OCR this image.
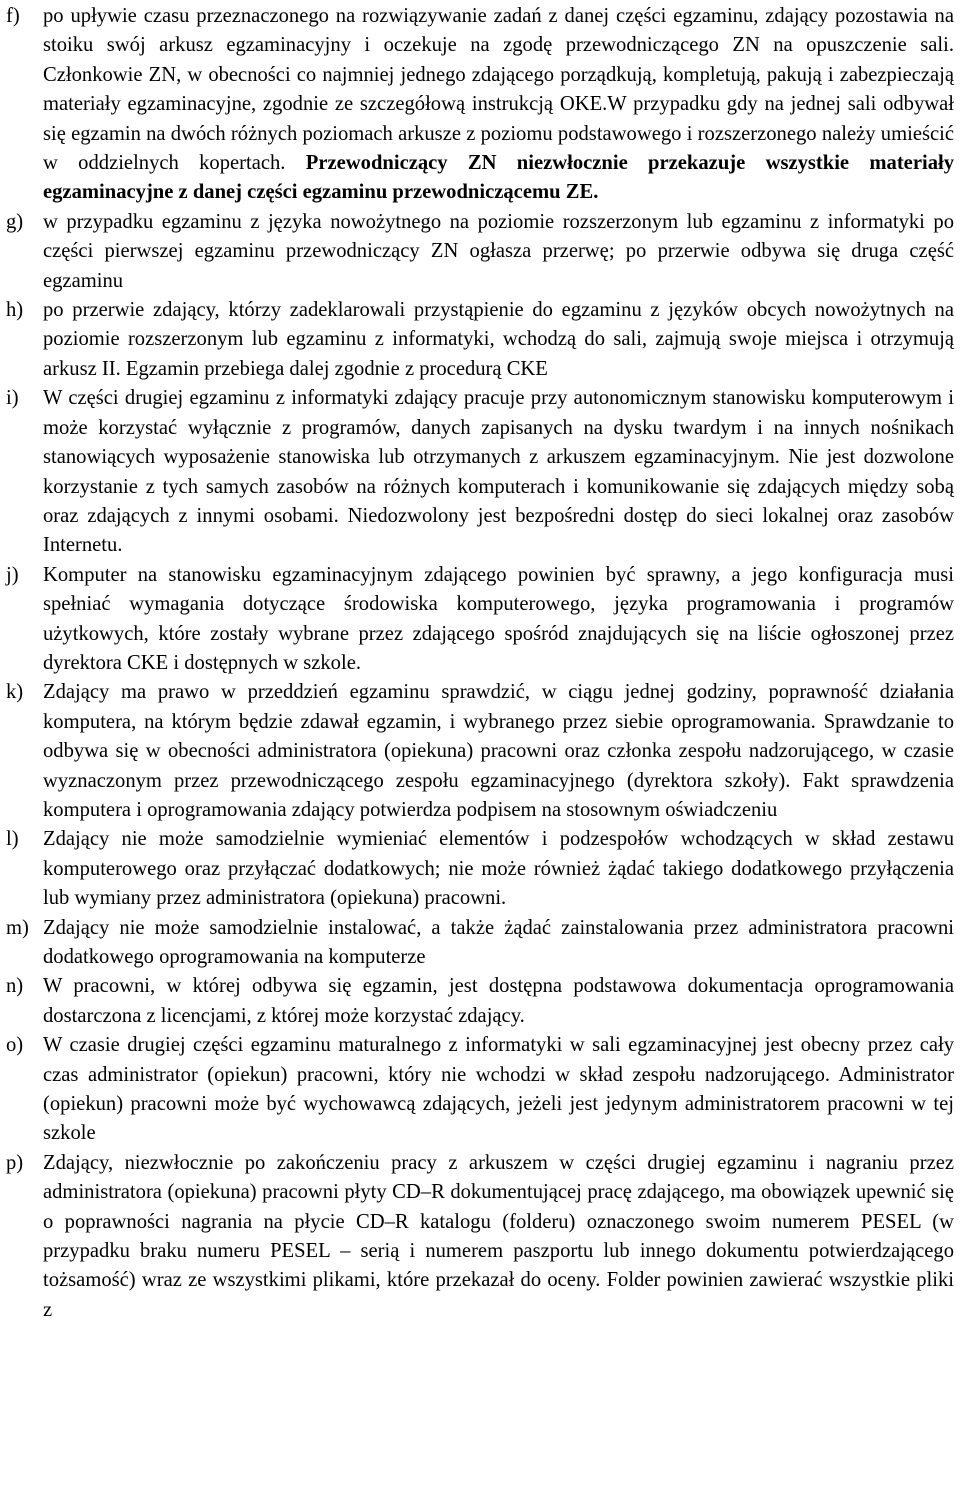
f)	po upływie czasu przeznaczonego na rozwiązywanie zadań z danej części egzaminu, zdający pozostawia na stoiku swój arkusz egzaminacyjny i oczekuje na zgodę przewodniczącego ZN na opuszczenie sali. Członkowie ZN, w obecności co najmniej jednego zdającego porządkują, kompletują, pakują i zabezpieczają materiały egzaminacyjne, zgodnie ze szczegółową instrukcją OKE.W przypadku gdy na jednej sali odbywał się egzamin na dwóch różnych poziomach arkusze z poziomu podstawowego i rozszerzonego należy umieścić w oddzielnych kopertach. Przewodniczący ZN niezwłocznie przekazuje wszystkie materiały egzaminacyjne z danej części egzaminu przewodniczącemu ZE.
g) w przypadku egzaminu z języka nowożytnego na poziomie rozszerzonym lub egzaminu z informatyki po części pierwszej egzaminu przewodniczący ZN ogłasza przerwę; po przerwie odbywa się druga część egzaminu
h) po przerwie zdający, którzy zadeklarowali przystąpienie do egzaminu z języków obcych nowożytnych na poziomie rozszerzonym lub egzaminu z informatyki, wchodzą do sali, zajmują swoje miejsca i otrzymują arkusz II. Egzamin przebiega dalej zgodnie z procedurą CKE
i)	W części drugiej egzaminu z informatyki zdający pracuje przy autonomicznym stanowisku komputerowym i może korzystać wyłącznie z programów, danych zapisanych na dysku twardym i na innych nośnikach stanowiących wyposażenie stanowiska lub otrzymanych z arkuszem egzaminacyjnym. Nie jest dozwolone korzystanie z tych samych zasobów na różnych komputerach i komunikowanie się zdających między sobą oraz zdających z innymi osobami. Niedozwolony jest bezpośredni dostęp do sieci lokalnej oraz zasobów Internetu.
j)	Komputer na stanowisku egzaminacyjnym zdającego powinien być sprawny, a jego konfiguracja musi spełniać wymagania dotyczące środowiska komputerowego, języka programowania i programów użytkowych, które zostały wybrane przez zdającego spośród znajdujących się na liście ogłoszonej przez dyrektora CKE i dostępnych w szkole.
k) Zdający ma prawo w przeddzień egzaminu sprawdzić, w ciągu jednej godziny, poprawność działania komputera, na którym będzie zdawał egzamin, i wybranego przez siebie oprogramowania. Sprawdzanie to odbywa się w obecności administratora (opiekuna) pracowni oraz członka zespołu nadzorującego, w czasie wyznaczonym przez przewodniczącego zespołu egzaminacyjnego (dyrektora szkoły). Fakt sprawdzenia komputera i oprogramowania zdający potwierdza podpisem na stosownym oświadczeniu
l)	Zdający nie może samodzielnie wymieniać elementów i podzespołów wchodzących w skład zestawu komputerowego oraz przyłączać dodatkowych; nie może również żądać takiego dodatkowego przyłączenia lub wymiany przez administratora (opiekuna) pracowni.
m) Zdający nie może samodzielnie instalować, a także żądać zainstalowania przez administratora pracowni dodatkowego oprogramowania na komputerze
n) W pracowni, w której odbywa się egzamin, jest dostępna podstawowa dokumentacja oprogramowania dostarczona z licencjami, z której może korzystać zdający.
o) W czasie drugiej części egzaminu maturalnego z informatyki w sali egzaminacyjnej jest obecny przez cały czas administrator (opiekun) pracowni, który nie wchodzi w skład zespołu nadzorującego. Administrator (opiekun) pracowni może być wychowawcą zdających, jeżeli jest jedynym administratorem pracowni w tej szkole
p) Zdający, niezwłocznie po zakończeniu pracy z arkuszem w części drugiej egzaminu i nagraniu przez administratora (opiekuna) pracowni płyty CD–R dokumentującej pracę zdającego, ma obowiązek upewnić się o poprawności nagrania na płycie CD–R katalogu (folderu) oznaczonego swoim numerem PESEL (w przypadku braku numeru PESEL – serią i numerem paszportu lub innego dokumentu potwierdzającego tożsamość) wraz ze wszystkimi plikami, które przekazał do oceny. Folder powinien zawierać wszystkie pliki z
